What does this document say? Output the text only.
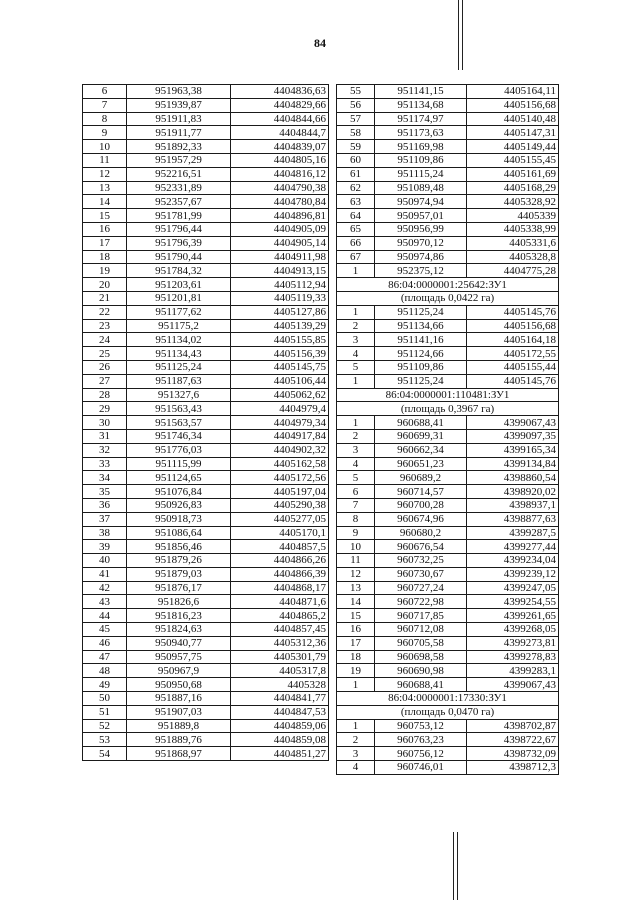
84
6	951963,38	4404836,63
7	951939,87	4404829,66
8	951911,83	4404844,66
9	951911,77	4404844,7
10	951892,33	4404839,07
11	951957,29	4404805,16
12	952216,51	4404816,12
13	952331,89	4404790,38
14	952357,67	4404780,84
15	951781,99	4404896,81
16	951796,44	4404905,09
17	951796,39	4404905,14
18	951790,44	4404911,98
19	951784,32	4404913,15
20	951203,61	4405112,94
21	951201,81	4405119,33
22	951177,62	4405127,86
23	951175,2	4405139,29
24	951134,02	4405155,85
25	951134,43	4405156,39
26	951125,24	4405145,75
27	951187,63	4405106,44
28	951327,6	4405062,62
29	951563,43	4404979,4
30	951563,57	4404979,34
31	951746,34	4404917,84
32	951776,03	4404902,32
33	951115,99	4405162,58
34	951124,65	4405172,56
35	951076,84	4405197,04
36	950926,83	4405290,38
37	950918,73	4405277,05
38	951086,64	4405170,1
39	951856,46	4404857,5
40	951879,26	4404866,26
41	951879,03	4404866,39
42	951876,17	4404868,17
43	951826,6	4404871,6
44	951816,23	4404865,2
45	951824,63	4404857,45
46	950940,77	4405312,36
47	950957,75	4405301,79
48	950967,9	4405317,8
49	950950,68	4405328
50	951887,16	4404841,77
51	951907,03	4404847,53
52	951889,8	4404859,06
53	951889,76	4404859,08
54	951868,97	4404851,27
55	951141,15	4405164,11
56	951134,68	4405156,68
57	951174,97	4405140,48
58	951173,63	4405147,31
59	951169,98	4405149,44
60	951109,86	4405155,45
61	951115,24	4405161,69
62	951089,48	4405168,29
63	950974,94	4405328,92
64	950957,01	4405339
65	950956,99	4405338,99
66	950970,12	4405331,6
67	950974,86	4405328,8
1	952375,12	4404775,28
86:04:0000001:25642:ЗУ1		
(площадь 0,0422 га)		
1	951125,24	4405145,76
2	951134,66	4405156,68
3	951141,16	4405164,18
4	951124,66	4405172,55
5	951109,86	4405155,44
1	951125,24	4405145,76
86:04:0000001:110481:ЗУ1		
(площадь 0,3967 га)		
1	960688,41	4399067,43
2	960699,31	4399097,35
3	960662,34	4399165,34
4	960651,23	4399134,84
5	960689,2	4398860,54
6	960714,57	4398920,02
7	960700,28	4398937,1
8	960674,96	4398877,63
9	960680,2	4399287,5
10	960676,54	4399277,44
11	960732,25	4399234,04
12	960730,67	4399239,12
13	960727,24	4399247,05
14	960722,98	4399254,55
15	960717,85	4399261,65
16	960712,08	4399268,05
17	960705,58	4399273,81
18	960698,58	4399278,83
19	960690,98	4399283,1
1	960688,41	4399067,43
86:04:0000001:17330:ЗУ1		
(площадь 0,0470 га)		
1	960753,12	4398702,87
2	960763,23	4398722,67
3	960756,12	4398732,09
4	960746,01	4398712,3
